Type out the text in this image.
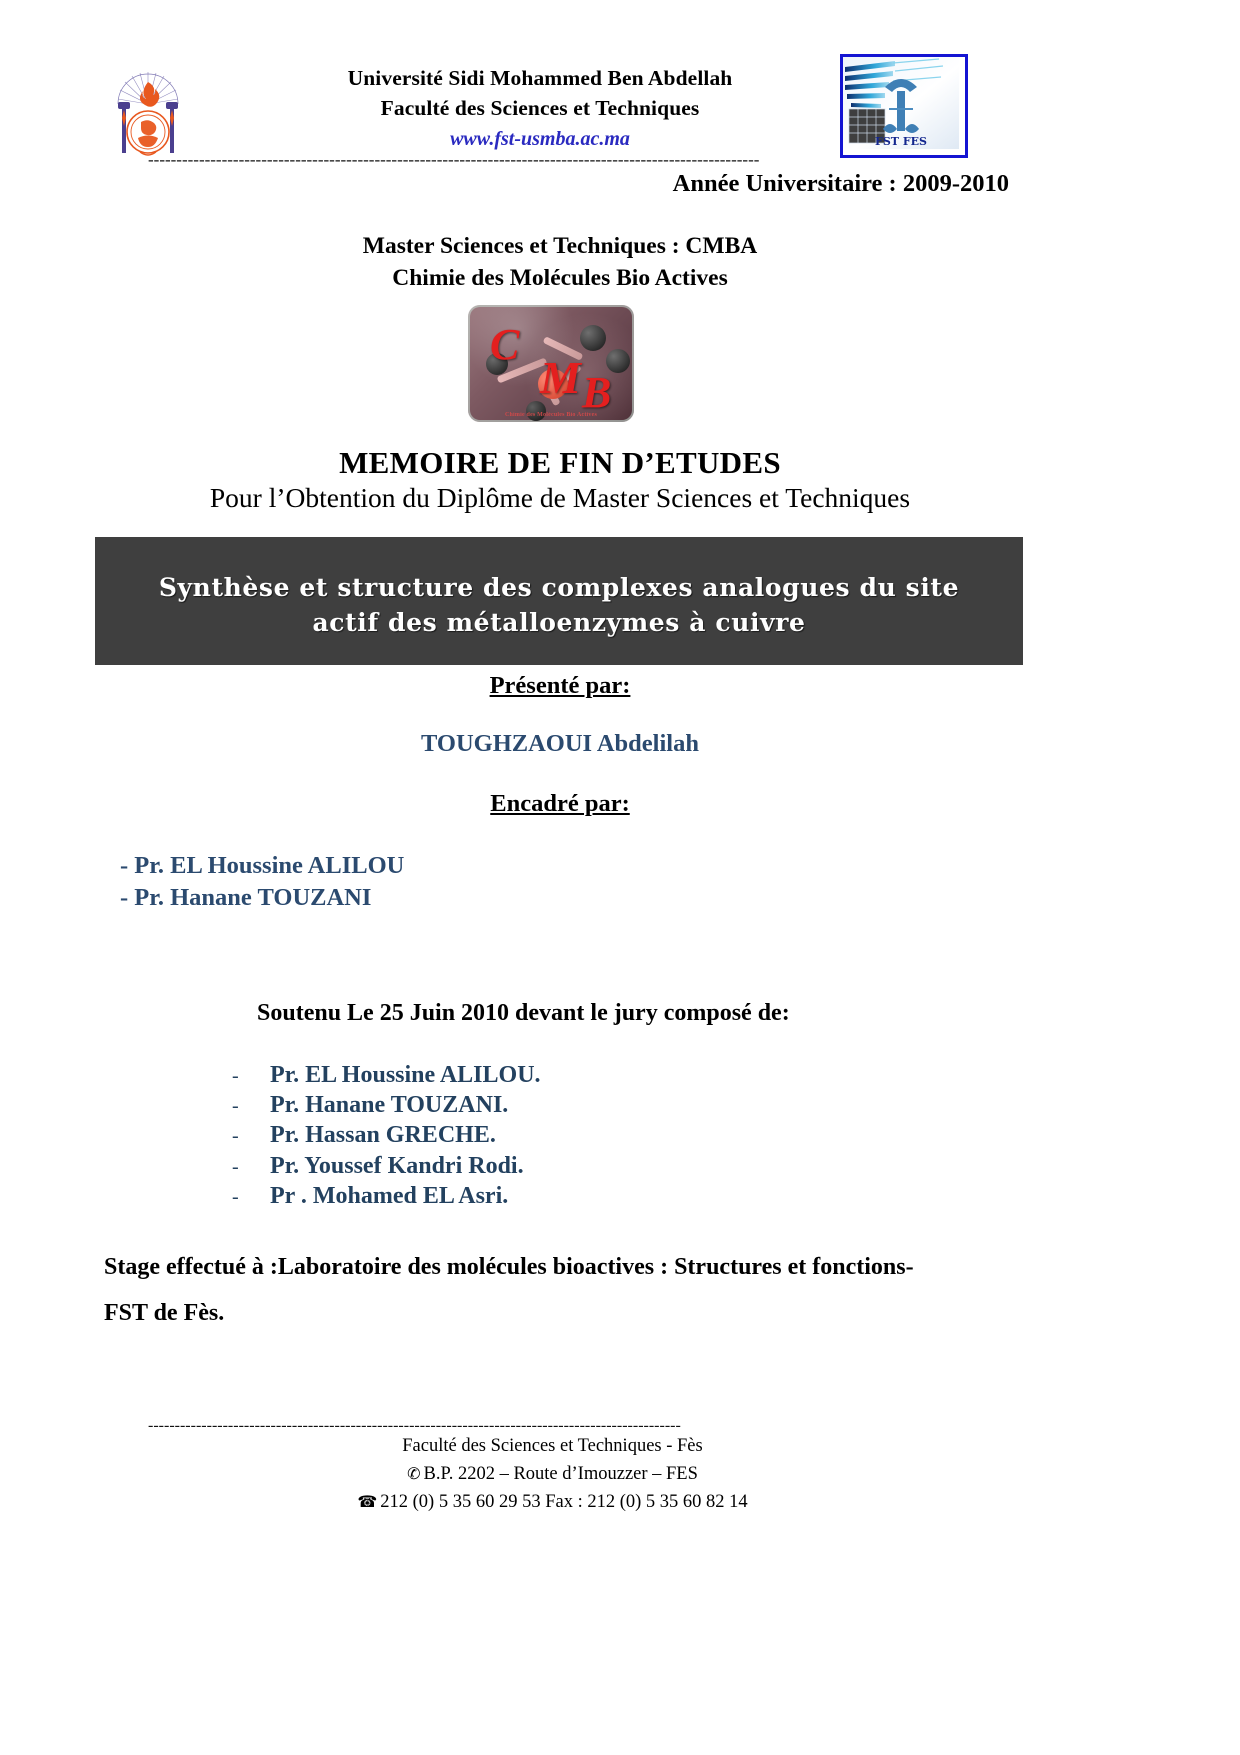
Université Sidi Mohammed Ben Abdellah
Faculté des Sciences et Techniques
www.fst-usmba.ac.ma	FST FES
-----
Année Universitaire : 2009-2010
Master Sciences et Techniques : CMBA
Chimie des Molécules Bio Actives
C
M B
Chimie des Molécules Bio Actives
MEMOIRE DE FIN D’ETUDES
Pour l’Obtention du Diplôme de Master Sciences et Techniques
Synthèse et structure des complexes analogues du site
actif des métalloenzymes à cuivre
Présenté par:
TOUGHZAOUI Abdelilah
Encadré par:
- Pr. EL Houssine ALILOU
- Pr. Hanane TOUZANI
Soutenu Le 25 Juin 2010 devant le jury composé de:
-	Pr. EL Houssine ALILOU.
-	Pr. Hanane TOUZANI.
-	Pr. Hassan GRECHE.
-	Pr. Youssef Kandri Rodi.
-	Pr . Mohamed EL Asri.
Stage effectué à :Laboratoire des molécules bioactives : Structures et fonctions-
FST de Fès.
-----
Faculté des Sciences et Techniques - Fès
✆ B.P. 2202 – Route d’Imouzzer – FES
☎ 212 (0) 5 35 60 29 53 Fax : 212 (0) 5 35 60 82 14
